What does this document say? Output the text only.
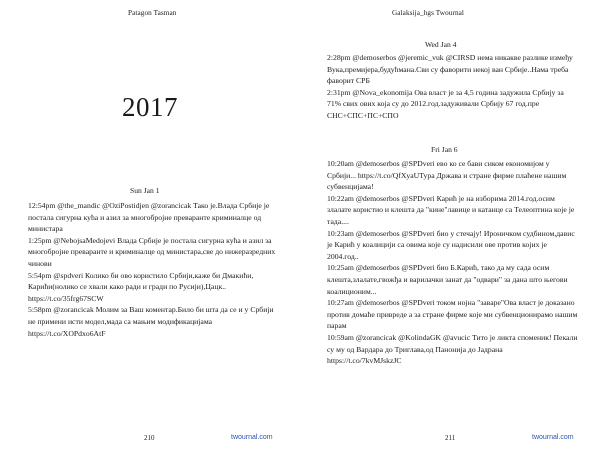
Patagon Tasman
2017
Sun Jan 1

12:54pm @the_mandic @OziPostidjen @zorancicak Тако је.Влада Србије је постала сигурна кућа и азил за многобројне преваранте криминалце од министара

1:25pm @NebojsaMedojevi Влада Србије је постала сигурна кућа и азил за многобројне преваранте и криминалце од министара,све до нижеразредних чинови

5:54pm @spdveri Колико би ово користило Србији,каже би Дмакићи, Карићи(нолико се хвали како ради и гради по Русији),Цацк.. https://t.co/35frg67SCW

5:58pm @zorancicak Молим за Ваш коментар.Било би шта да се и у Србији не примени исти модел,мада са мањим модификацијама https://t.co/XOPdxo6AtF

210	twournal.com
Galaksija_hgs Twournal
Wed Jan 4

2:28pm @demoserbos @jeremic_vuk @CIRSD нема никакве разлике између Вука,премијера,будућмана.Сви су фаворити некој ван Србије..Нама треба фаворит СРБ

2:31pm @Nova_ekonomija Ова власт је за 4,5 година задужила Србију за 71% свих ових која су до 2012.год.задуживали Србију 67 год.пре СНС+СПС+ПС+СПО

Fri Jan 6

10:20am @demoserbos @SPDveri ево ко се бави сиком економијом у Србији... https://t.co/QfXyaUТура Држава и стране фирме плаћене нашим субвенцијама!

10:22am @demoserbos @SPDveri Карић је на изборима 2014.год.осим злалате користио и клешта да "кине"лавице и катанце са Телеоптина које је тада....

10:23am @demoserbos @SPDveri био у стечају! Ироничком судбином,давис је Карић у коалицији са овима које су надисили ове против којих је 2004.год..

10:25am @demoserbos @SPDveri био Б.Карић, тако да му сада осим клешта,злалате,гвожђа и варилачки занат да "одвари" за дана што његови коалиционим...

10:27am @demoserbos @SPDveri током нојна "заваре"Ова власт је доказано против домаће привреде а за стране фирме које ми субвенционирамо нашим парам

10:59am @zorancicak @KolindaGK @avucic Тито је ликта споменик! Пекали су му од Вардара до Триглава,од Панонија до Јадрана https://t.co/7kvMJskzJC

211	twournal.com
